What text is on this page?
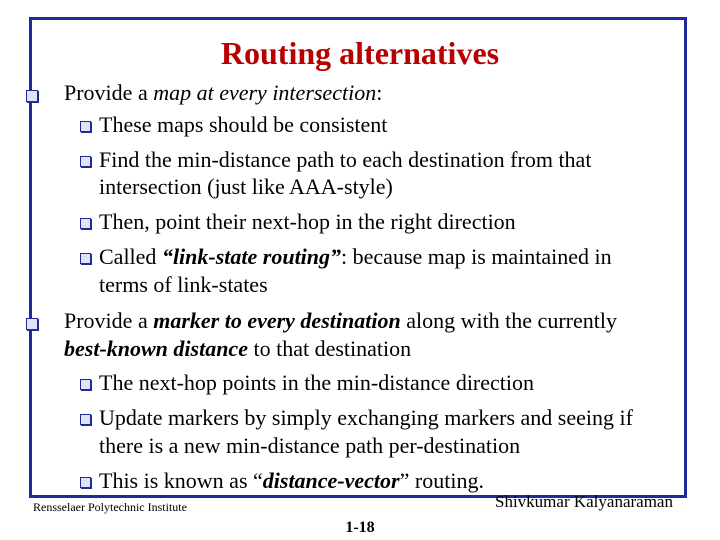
Routing alternatives
Provide a map at every intersection:
These maps should be consistent
Find the min-distance path to each destination from that
intersection (just like AAA-style)
Then, point their next-hop in the right direction
Called “link-state routing”: because map is maintained in
terms of link-states
Provide a marker to every destination along with the currently
best-known distance to that destination
The next-hop points in the min-distance direction
Update markers by simply exchanging markers and seeing if
there is a new min-distance path per-destination
This is known as “distance-vector” routing.
Rensselaer Polytechnic Institute	Shivkumar Kalyanaraman
1-18
